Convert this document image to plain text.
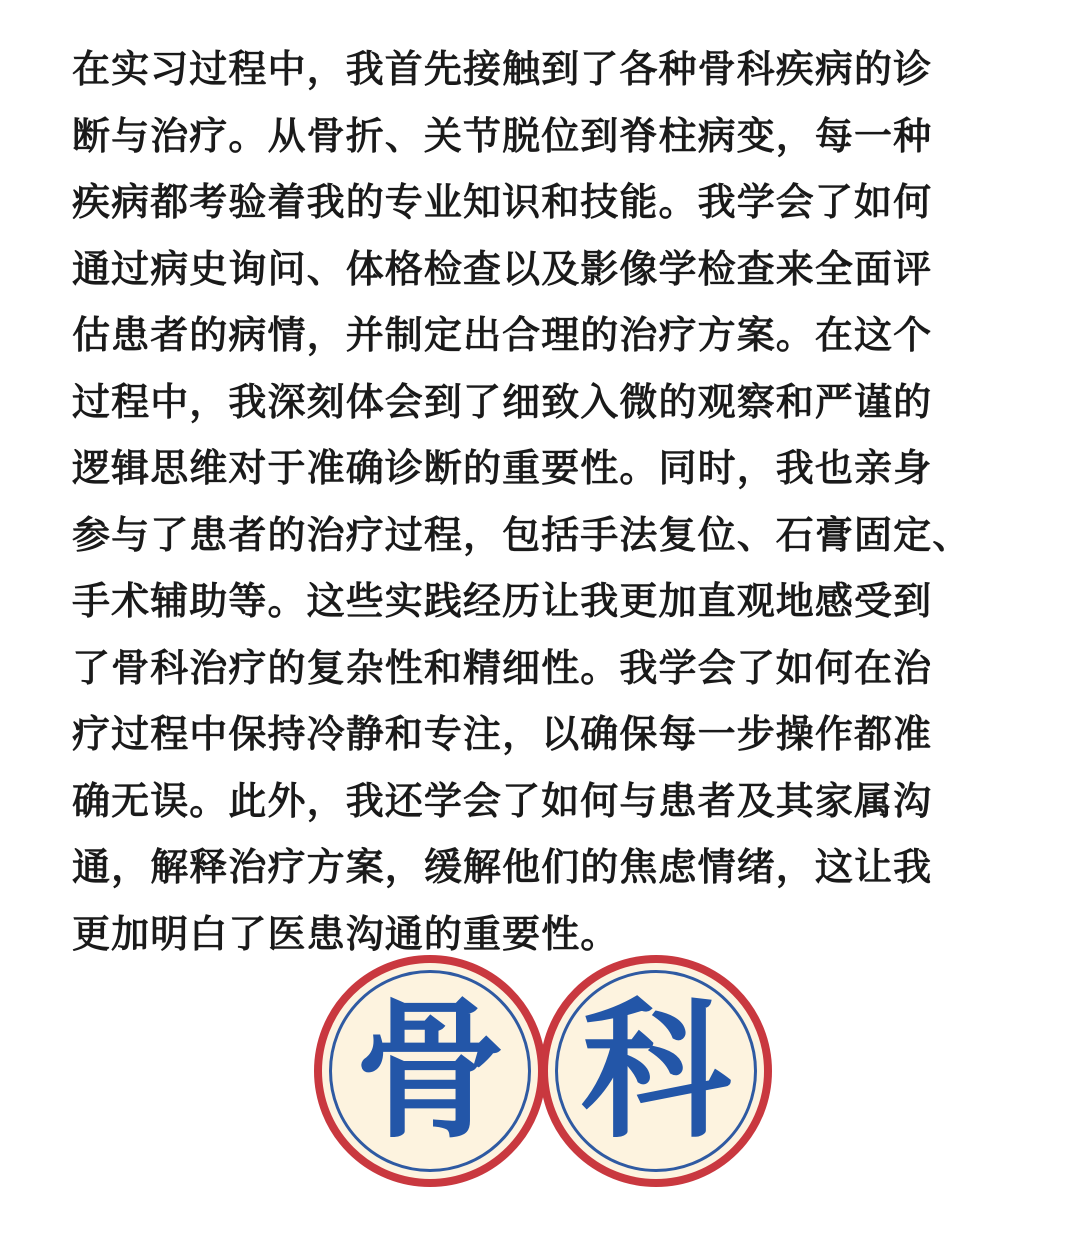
在实习过程中，我首先接触到了各种骨科疾病的诊
断与治疗。从骨折、关节脱位到脊柱病变，每一种
疾病都考验着我的专业知识和技能。我学会了如何
通过病史询问、体格检查以及影像学检查来全面评
估患者的病情，并制定出合理的治疗方案。在这个
过程中，我深刻体会到了细致入微的观察和严谨的
逻辑思维对于准确诊断的重要性。同时，我也亲身
参与了患者的治疗过程，包括手法复位、石膏固定、
手术辅助等。这些实践经历让我更加直观地感受到
了骨科治疗的复杂性和精细性。我学会了如何在治
疗过程中保持冷静和专注，以确保每一步操作都准
确无误。此外，我还学会了如何与患者及其家属沟
通，解释治疗方案，缓解他们的焦虑情绪，这让我
更加明白了医患沟通的重要性。
骨 科
